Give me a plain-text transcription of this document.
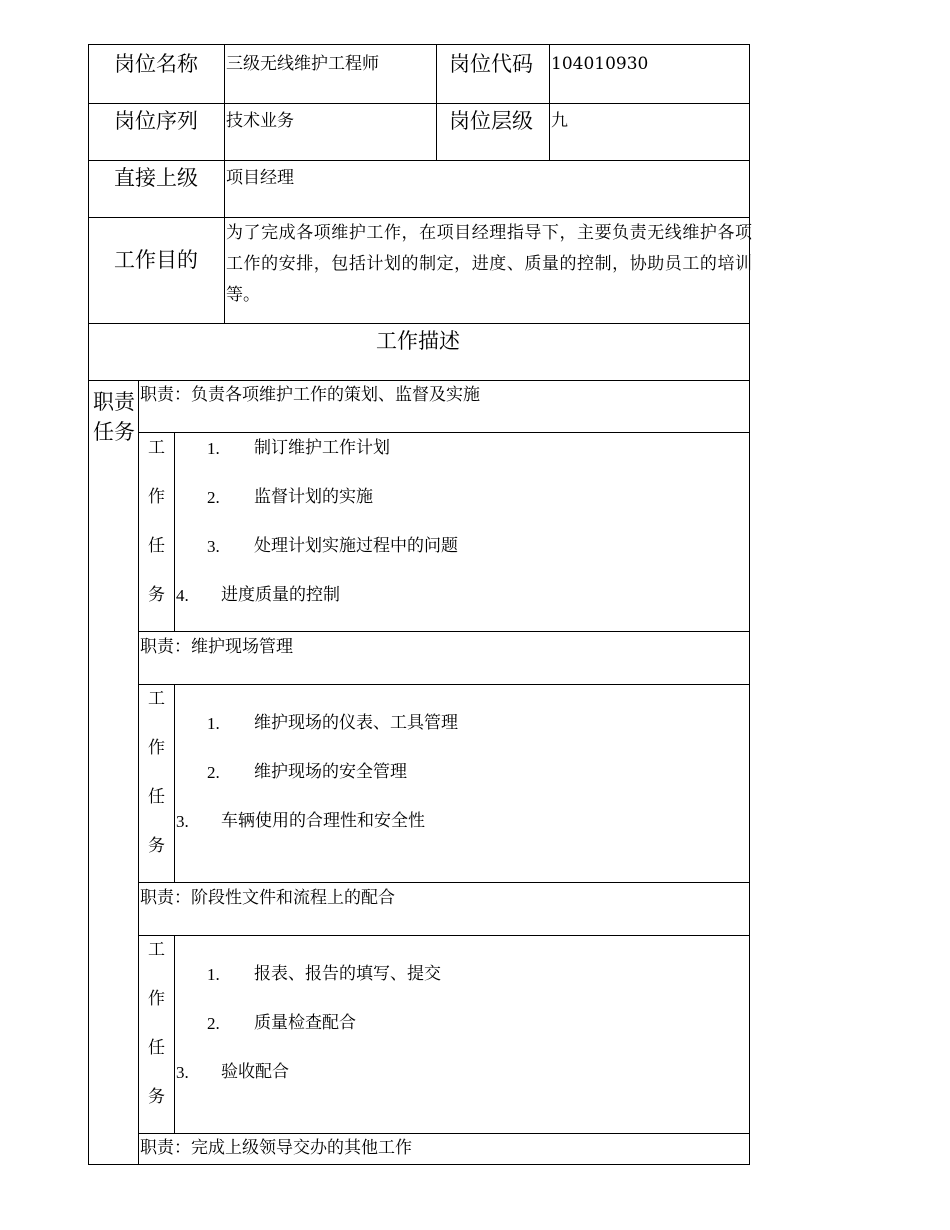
岗位名称 三级无线维护工程师	岗位代码 104010930
岗位序列 技术业务	岗位层级 九
直接上级 项目经理
工作目的
为了完成各项维护工作，在项目经理指导下，主要负责无线维护各项工作的安排，包括计划的制定，进度、质量的控制，协助员工的培训等。
工作描述
职责
任务
职责：负责各项维护工作的策划、监督及实施
工
作
任
务
1. 制订维护工作计划
2. 监督计划的实施
3. 处理计划实施过程中的问题
4. 进度质量的控制
职责：维护现场管理
工
作
任
务
1. 维护现场的仪表、工具管理
2. 维护现场的安全管理
3. 车辆使用的合理性和安全性
职责：阶段性文件和流程上的配合
工
作
任
务
1. 报表、报告的填写、提交
2. 质量检查配合
3. 验收配合
职责：完成上级领导交办的其他工作
